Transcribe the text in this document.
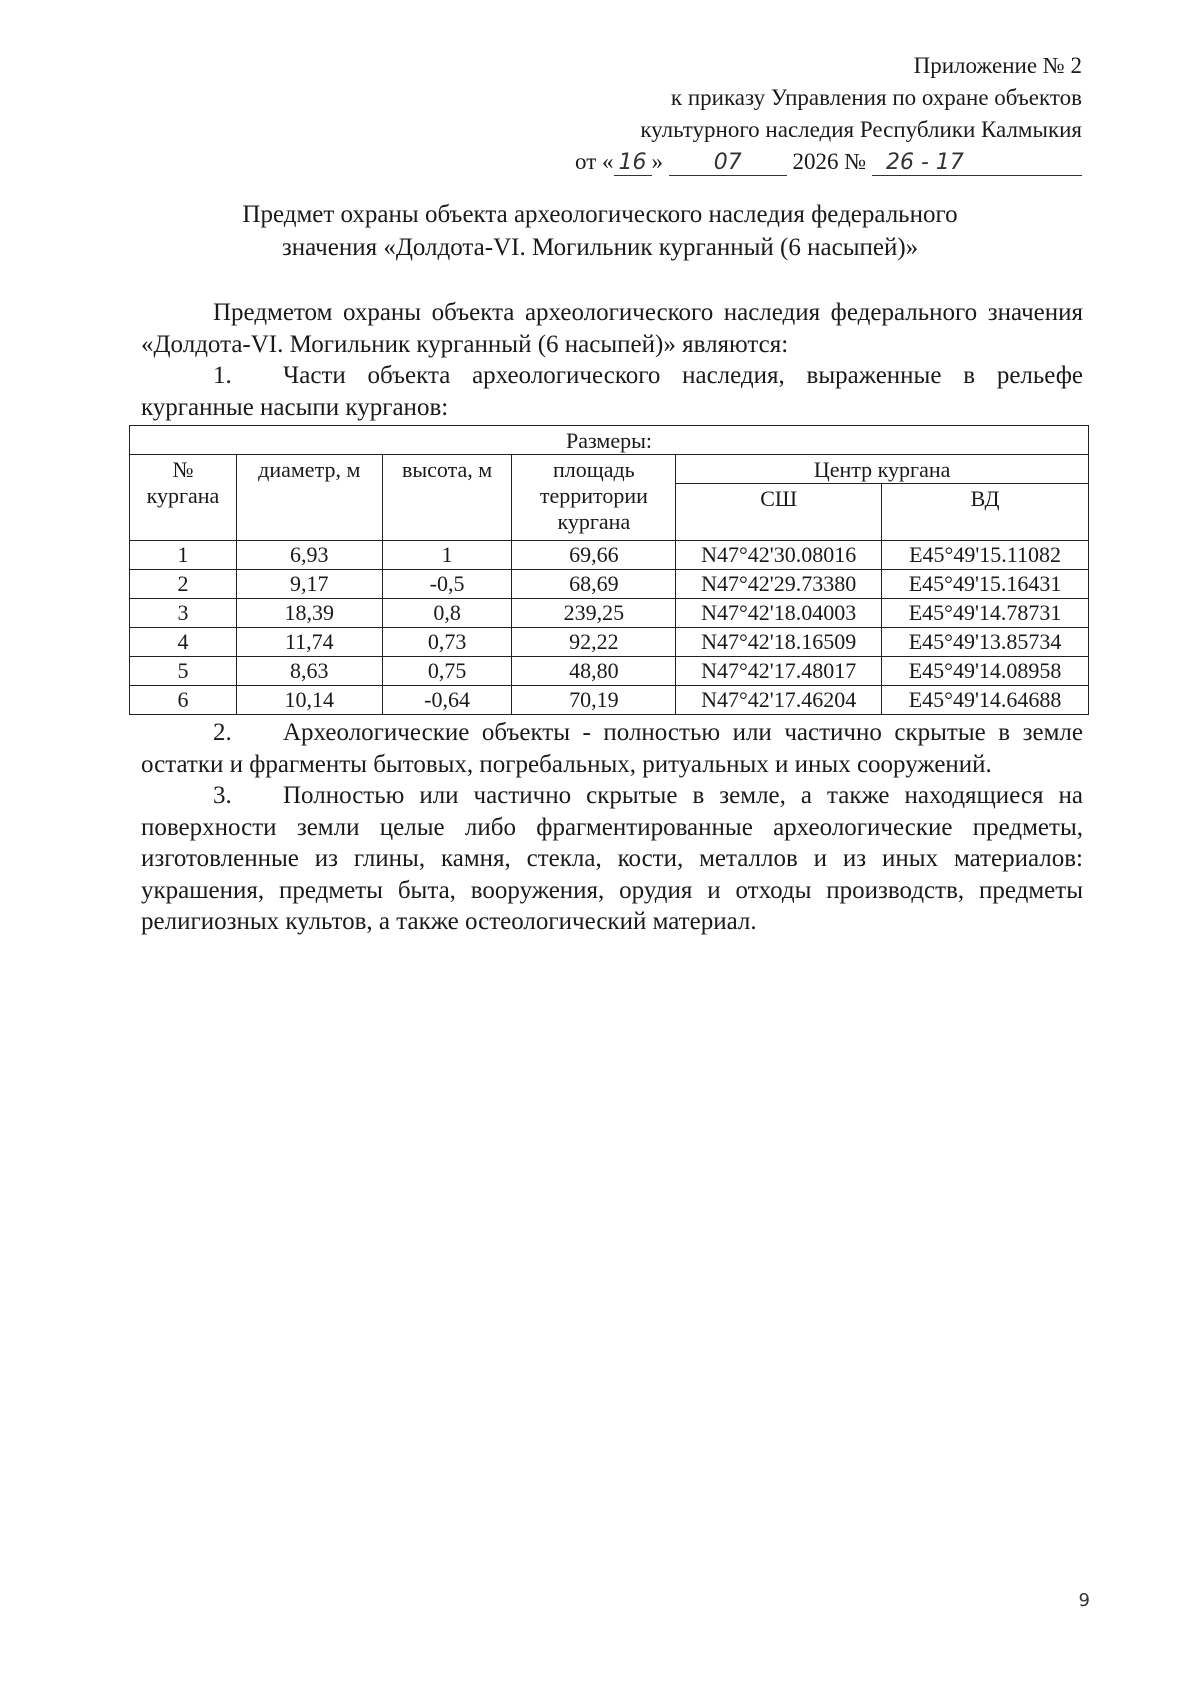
Приложение № 2
к приказу Управления по охране объектов
культурного наследия Республики Калмыкия
от « 16 » 07 2026 № 26 - 17
Предмет охраны объекта археологического наследия федерального
значения «Долдота-VI. Могильник курганный (6 насыпей)»

Предметом охраны объекта археологического наследия федерального значения «Долдота-VI. Могильник курганный (6 насыпей)» являются:

1. Части объекта археологического наследия, выраженные в рельефе курганные насыпи курганов:

Размеры:					
№ кургана	диаметр, м	высота, м	площадь территории кургана	Центр кургана	
				СШ	ВД
1	6,93	1	69,66	N47°42'30.08016	E45°49'15.11082
2	9,17	-0,5	68,69	N47°42'29.73380	E45°49'15.16431
3	18,39	0,8	239,25	N47°42'18.04003	E45°49'14.78731
4	11,74	0,73	92,22	N47°42'18.16509	E45°49'13.85734
5	8,63	0,75	48,80	N47°42'17.48017	E45°49'14.08958
6	10,14	-0,64	70,19	N47°42'17.46204	E45°49'14.64688

2. Археологические объекты - полностью или частично скрытые в земле остатки и фрагменты бытовых, погребальных, ритуальных и иных сооружений.

3. Полностью или частично скрытые в земле, а также находящиеся на поверхности земли целые либо фрагментированные археологические предметы, изготовленные из глины, камня, стекла, кости, металлов и из иных материалов: украшения, предметы быта, вооружения, орудия и отходы производств, предметы религиозных культов, а также остеологический материал.

9
